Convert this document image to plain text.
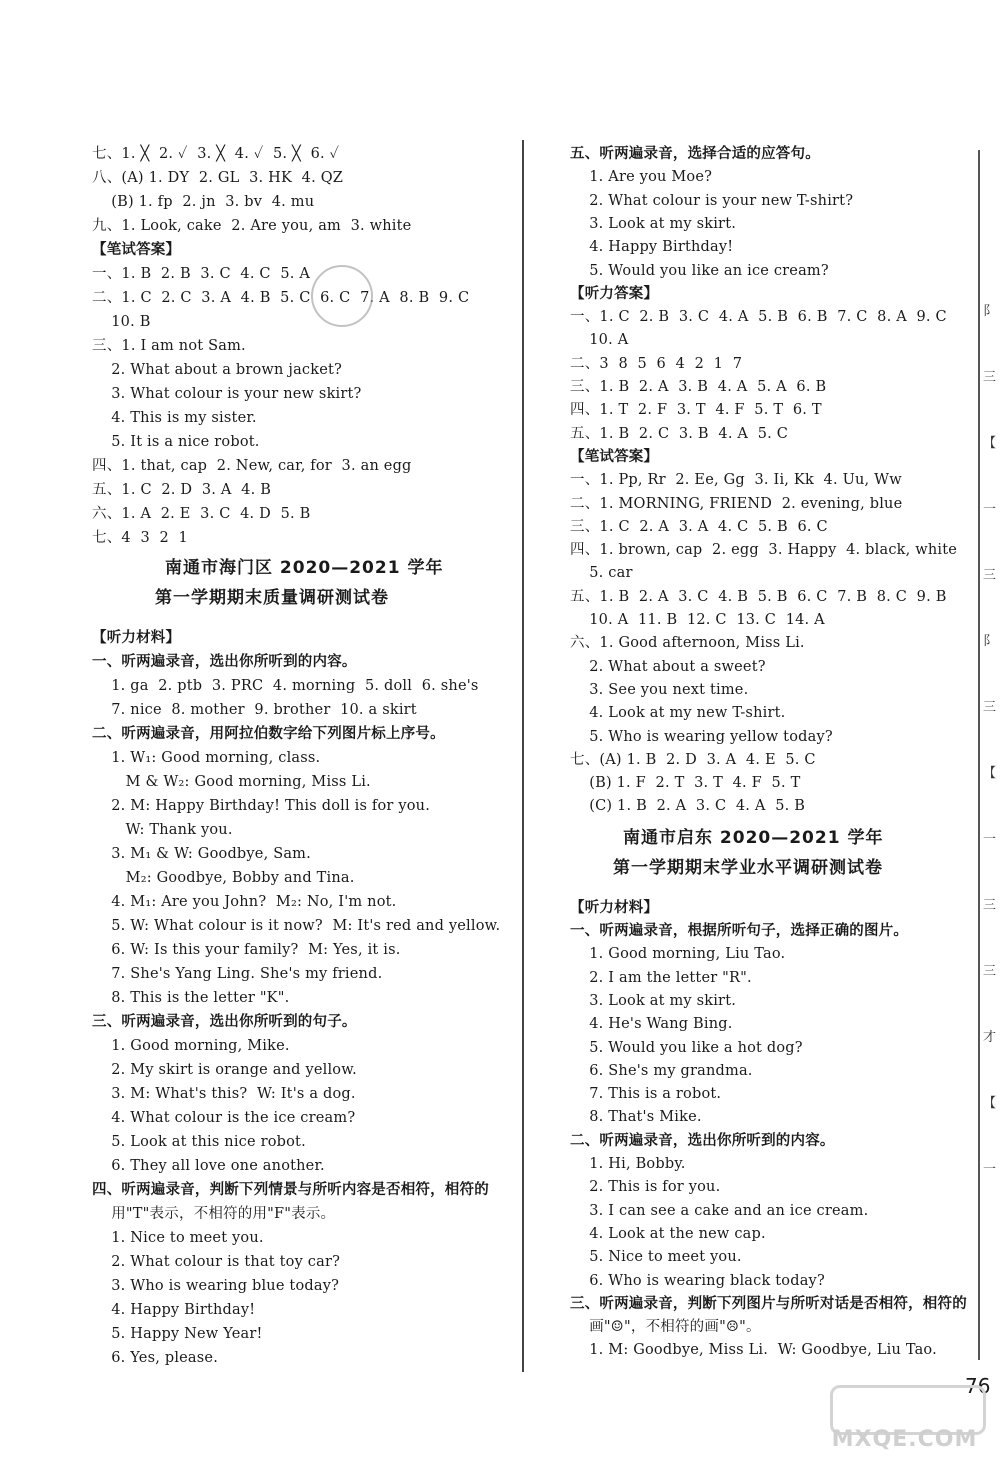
七、1. ╳  2. ✓  3. ╳  4. ✓  5. ╳  6. ✓
八、(A) 1. DY  2. GL  3. HK  4. QZ
(B) 1. fp  2. jn  3. bv  4. mu
九、1. Look, cake  2. Are you, am  3. white
【笔试答案】
一、1. B  2. B  3. C  4. C  5. A
二、1. C  2. C  3. A  4. B  5. C  6. C  7. A  8. B  9. C
10. B
三、1. I am not Sam.
2. What about a brown jacket?
3. What colour is your new skirt?
4. This is my sister.
5. It is a nice robot.
四、1. that, cap  2. New, car, for  3. an egg
五、1. C  2. D  3. A  4. B
六、1. A  2. E  3. C  4. D  5. B
七、4  3  2  1
南通市海门区 2020—2021 学年
第一学期期末质量调研测试卷
【听力材料】
一、听两遍录音，选出你所听到的内容。
1. ga  2. ptb  3. PRC  4. morning  5. doll  6. she's
7. nice  8. mother  9. brother  10. a skirt
二、听两遍录音，用阿拉伯数字给下列图片标上序号。
1. W₁: Good morning, class.
M & W₂: Good morning, Miss Li.
2. M: Happy Birthday! This doll is for you.
W: Thank you.
3. M₁ & W: Goodbye, Sam.
M₂: Goodbye, Bobby and Tina.
4. M₁: Are you John?  M₂: No, I'm not.
5. W: What colour is it now?  M: It's red and yellow.
6. W: Is this your family?  M: Yes, it is.
7. She's Yang Ling. She's my friend.
8. This is the letter "K".
三、听两遍录音，选出你所听到的句子。
1. Good morning, Mike.
2. My skirt is orange and yellow.
3. M: What's this?  W: It's a dog.
4. What colour is the ice cream?
5. Look at this nice robot.
6. They all love one another.
四、听两遍录音，判断下列情景与所听内容是否相符，相符的
用"T"表示，不相符的用"F"表示。
1. Nice to meet you.
2. What colour is that toy car?
3. Who is wearing blue today?
4. Happy Birthday!
5. Happy New Year!
6. Yes, please.
五、听两遍录音，选择合适的应答句。
1. Are you Moe?
2. What colour is your new T-shirt?
3. Look at my skirt.
4. Happy Birthday!
5. Would you like an ice cream?
【听力答案】
一、1. C  2. B  3. C  4. A  5. B  6. B  7. C  8. A  9. C
10. A
二、3  8  5  6  4  2  1  7
三、1. B  2. A  3. B  4. A  5. A  6. B
四、1. T  2. F  3. T  4. F  5. T  6. T
五、1. B  2. C  3. B  4. A  5. C
【笔试答案】
一、1. Pp, Rr  2. Ee, Gg  3. Ii, Kk  4. Uu, Ww
二、1. MORNING, FRIEND  2. evening, blue
三、1. C  2. A  3. A  4. C  5. B  6. C
四、1. brown, cap  2. egg  3. Happy  4. black, white
5. car
五、1. B  2. A  3. C  4. B  5. B  6. C  7. B  8. C  9. B
10. A  11. B  12. C  13. C  14. A
六、1. Good afternoon, Miss Li.
2. What about a sweet?
3. See you next time.
4. Look at my new T-shirt.
5. Who is wearing yellow today?
七、(A) 1. B  2. D  3. A  4. E  5. C
(B) 1. F  2. T  3. T  4. F  5. T
(C) 1. B  2. A  3. C  4. A  5. B
南通市启东 2020—2021 学年
第一学期期末学业水平调研测试卷
【听力材料】
一、听两遍录音，根据所听句子，选择正确的图片。
1. Good morning, Liu Tao.
2. I am the letter "R".
3. Look at my skirt.
4. He's Wang Bing.
5. Would you like a hot dog?
6. She's my grandma.
7. This is a robot.
8. That's Mike.
二、听两遍录音，选出你所听到的内容。
1. Hi, Bobby.
2. This is for you.
3. I can see a cake and an ice cream.
4. Look at the new cap.
5. Nice to meet you.
6. Who is wearing black today?
三、听两遍录音，判断下列图片与所听对话是否相符，相符的
画"☺"，不相符的画"☹"。
1. M: Goodbye, Miss Li.  W: Goodbye, Liu Tao.
阝
三
【
一
三
阝
三
【
一
三
三
才
【
一
76
MXQE.COM
